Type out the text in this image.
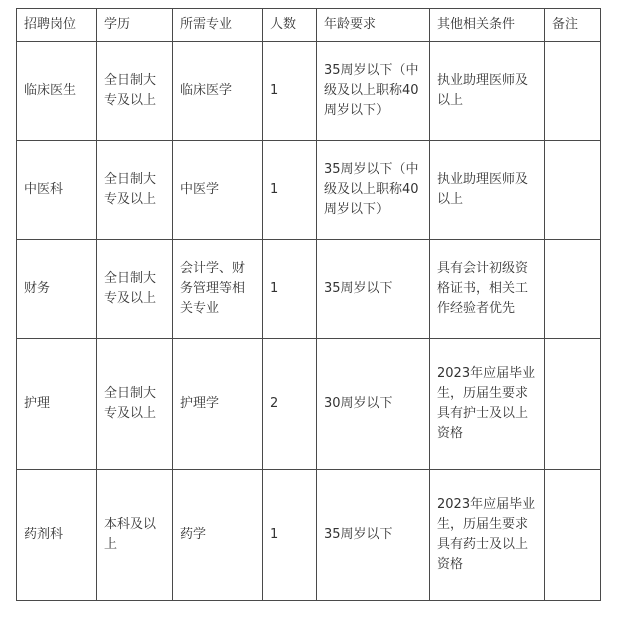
招聘岗位	学历	所需专业	人数	年龄要求	其他相关条件	备注
临床医生	全日制大专及以上	临床医学	1	35周岁以下（中级及以上职称40周岁以下）	执业助理医师及以上	
中医科	全日制大专及以上	中医学	1	35周岁以下（中级及以上职称40周岁以下）	执业助理医师及以上	
财务	全日制大专及以上	会计学、财务管理等相关专业	1	35周岁以下	具有会计初级资格证书，相关工作经验者优先	
护理	全日制大专及以上	护理学	2	30周岁以下	2023年应届毕业生，历届生要求具有护士及以上资格	
药剂科	本科及以上	药学	1	35周岁以下	2023年应届毕业生，历届生要求具有药士及以上资格	
